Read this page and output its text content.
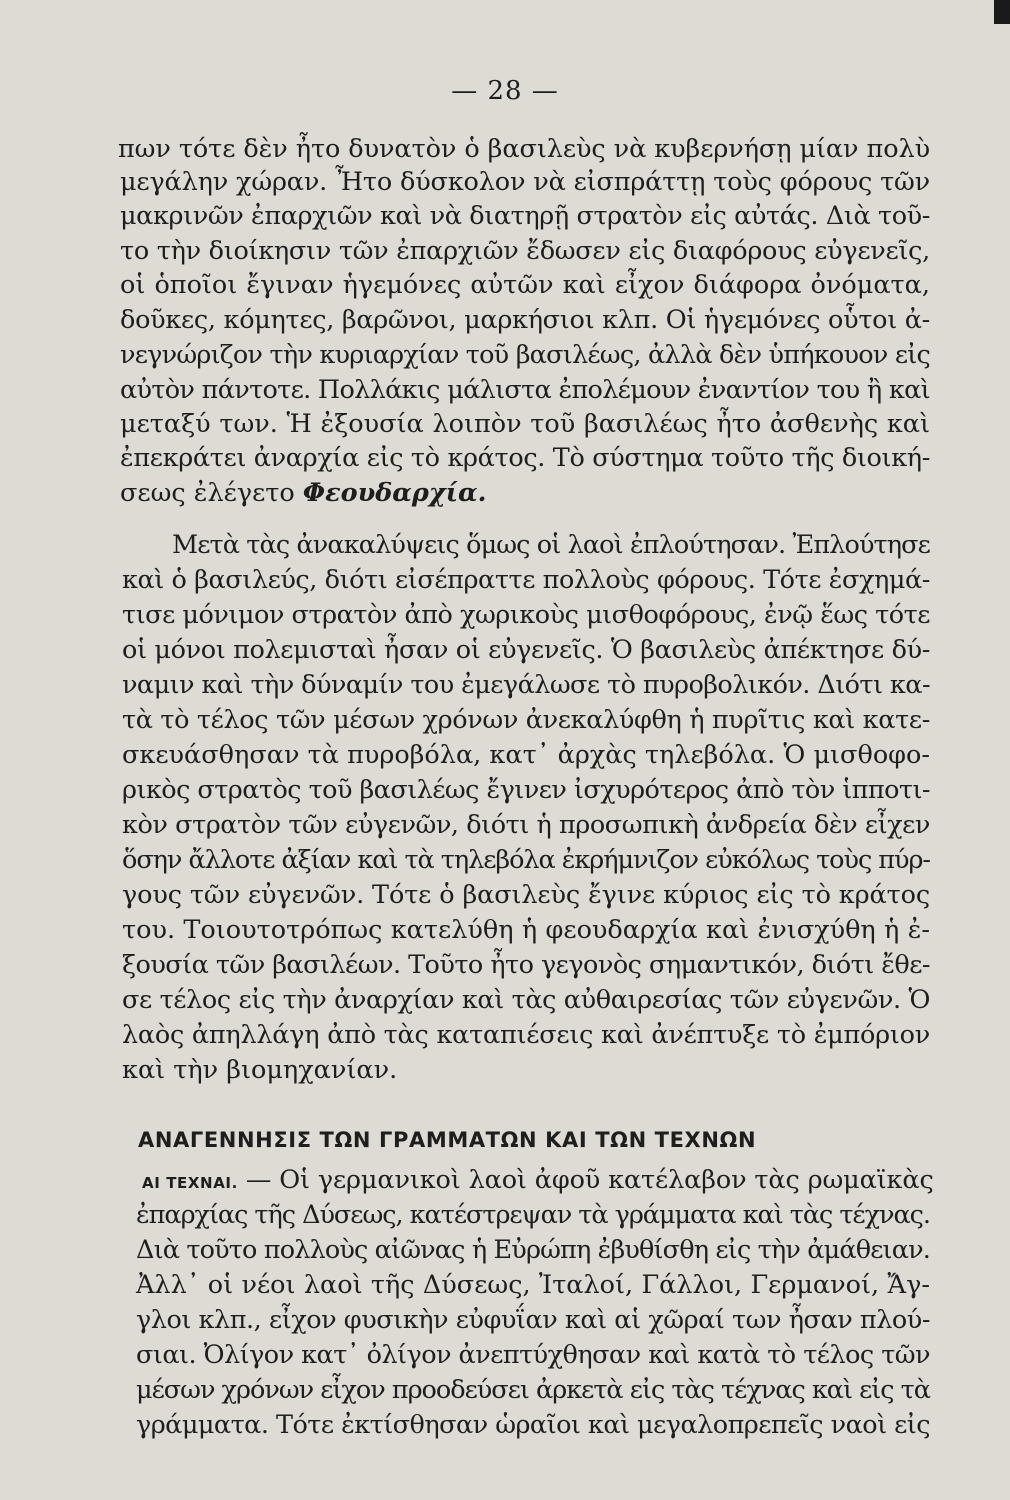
— 28 —
πων τότε δὲν ἦτο δυνατὸν ὁ βασιλεὺς νὰ κυβερνήσῃ μίαν πολὺ
μεγάλην χώραν. Ἦτο δύσκολον νὰ εἰσπράττῃ τοὺς φόρους τῶν
μακρινῶν ἐπαρχιῶν καὶ νὰ διατηρῇ στρατὸν εἰς αὐτάς. Διὰ τοῦ-
το τὴν διοίκησιν τῶν ἐπαρχιῶν ἔδωσεν εἰς διαφόρους εὐγενεῖς,
οἱ ὁποῖοι ἔγιναν ἡγεμόνες αὐτῶν καὶ εἶχον διάφορα ὀνόματα,
δοῦκες, κόμητες, βαρῶνοι, μαρκήσιοι κλπ. Οἱ ἡγεμόνες οὗτοι ἀ-
νεγνώριζον τὴν κυριαρχίαν τοῦ βασιλέως, ἀλλὰ δὲν ὑπήκουον εἰς
αὐτὸν πάντοτε. Πολλάκις μάλιστα ἐπολέμουν ἐναντίον του ἢ καὶ
μεταξύ των. Ἡ ἐξουσία λοιπὸν τοῦ βασιλέως ἦτο ἀσθενὴς καὶ
ἐπεκράτει ἀναρχία εἰς τὸ κράτος. Τὸ σύστημα τοῦτο τῆς διοική-
σεως ἐλέγετο Φεουδαρχία.
Μετὰ τὰς ἀνακαλύψεις ὅμως οἱ λαοὶ ἐπλούτησαν. Ἐπλούτησε
καὶ ὁ βασιλεύς, διότι εἰσέπραττε πολλοὺς φόρους. Τότε ἐσχημά-
τισε μόνιμον στρατὸν ἀπὸ χωρικοὺς μισθοφόρους, ἐνῷ ἕως τότε
οἱ μόνοι πολεμισταὶ ἦσαν οἱ εὐγενεῖς. Ὁ βασιλεὺς ἀπέκτησε δύ-
ναμιν καὶ τὴν δύναμίν του ἐμεγάλωσε τὸ πυροβολικόν. Διότι κα-
τὰ τὸ τέλος τῶν μέσων χρόνων ἀνεκαλύφθη ἡ πυρῖτις καὶ κατε-
σκευάσθησαν τὰ πυροβόλα, κατ᾿ ἀρχὰς τηλεβόλα. Ὁ μισθοφο-
ρικὸς στρατὸς τοῦ βασιλέως ἔγινεν ἰσχυρότερος ἀπὸ τὸν ἱπποτι-
κὸν στρατὸν τῶν εὐγενῶν, διότι ἡ προσωπικὴ ἀνδρεία δὲν εἶχεν
ὅσην ἄλλοτε ἀξίαν καὶ τὰ τηλεβόλα ἐκρήμνιζον εὐκόλως τοὺς πύρ-
γους τῶν εὐγενῶν. Τότε ὁ βασιλεὺς ἔγινε κύριος εἰς τὸ κράτος
του. Τοιουτοτρόπως κατελύθη ἡ φεουδαρχία καὶ ἐνισχύθη ἡ ἐ-
ξουσία τῶν βασιλέων. Τοῦτο ἦτο γεγονὸς σημαντικόν, διότι ἔθε-
σε τέλος εἰς τὴν ἀναρχίαν καὶ τὰς αὐθαιρεσίας τῶν εὐγενῶν. Ὁ
λαὸς ἀπηλλάγη ἀπὸ τὰς καταπιέσεις καὶ ἀνέπτυξε τὸ ἐμπόριον
καὶ τὴν βιομηχανίαν.
ΑΝΑΓΕΝΝΗΣΙΣ ΤΩΝ ΓΡΑΜΜΑΤΩΝ ΚΑΙ ΤΩΝ ΤΕΧΝΩΝ
ΑΙ ΤΕΧΝΑΙ. — Οἱ γερμανικοὶ λαοὶ ἀφοῦ κατέλαβον τὰς ρωμαϊκὰς
ἐπαρχίας τῆς Δύσεως, κατέστρεψαν τὰ γράμματα καὶ τὰς τέχνας.
Διὰ τοῦτο πολλοὺς αἰῶνας ἡ Εὐρώπη ἐβυθίσθη εἰς τὴν ἀμάθειαν.
Ἀλλ᾿ οἱ νέοι λαοὶ τῆς Δύσεως, Ἰταλοί, Γάλλοι, Γερμανοί, Ἄγ-
γλοι κλπ., εἶχον φυσικὴν εὐφυΐαν καὶ αἱ χῶραί των ἦσαν πλού-
σιαι. Ὀλίγον κατ᾿ ὀλίγον ἀνεπτύχθησαν καὶ κατὰ τὸ τέλος τῶν
μέσων χρόνων εἶχον προοδεύσει ἀρκετὰ εἰς τὰς τέχνας καὶ εἰς τὰ
γράμματα. Τότε ἐκτίσθησαν ὡραῖοι καὶ μεγαλοπρεπεῖς ναοὶ εἰς
